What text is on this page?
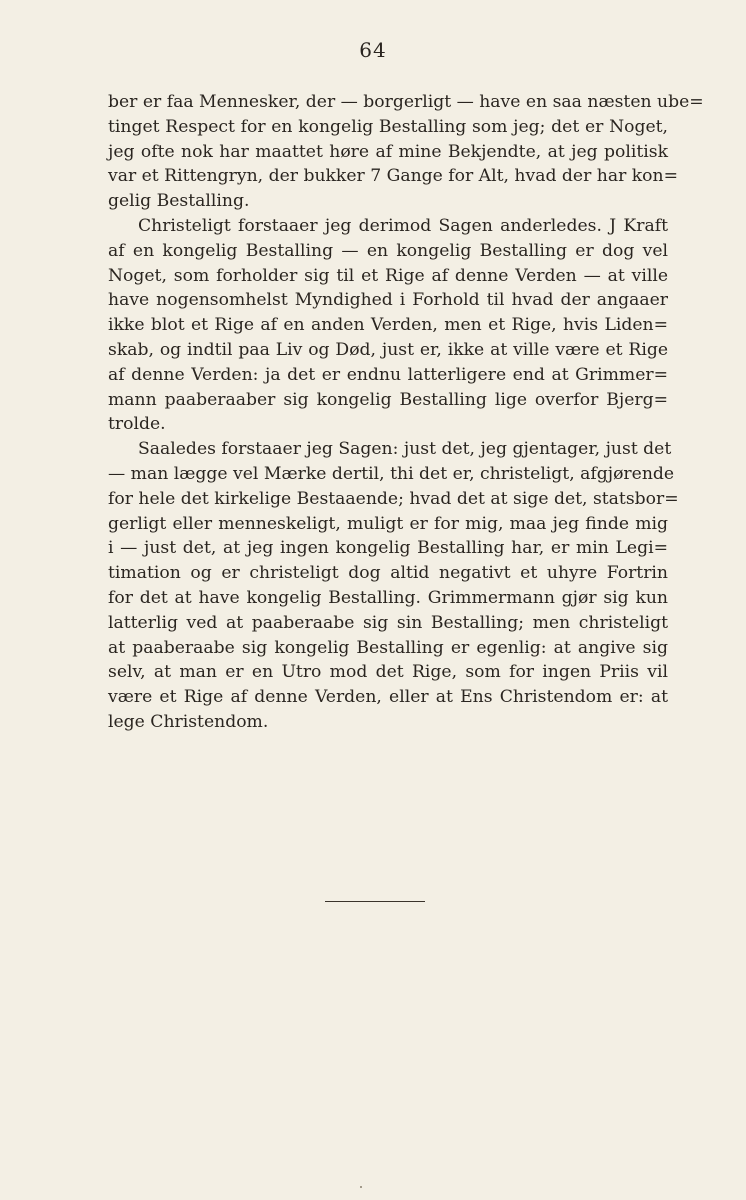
64
ber er faa Mennesker, der — borgerligt — have en saa næsten ube=
tinget Respect for en kongelig Bestalling som jeg; det er Noget,
jeg ofte nok har maattet høre af mine Bekjendte, at jeg politisk
var et Rittengryn, der bukker 7 Gange for Alt, hvad der har kon=
gelig Bestalling.
Christeligt forstaaer jeg derimod Sagen anderledes. J Kraft
af en kongelig Bestalling — en kongelig Bestalling er dog vel
Noget, som forholder sig til et Rige af denne Verden — at ville
have nogensomhelst Myndighed i Forhold til hvad der angaaer
ikke blot et Rige af en anden Verden, men et Rige, hvis Liden=
skab, og indtil paa Liv og Død, just er, ikke at ville være et Rige
af denne Verden: ja det er endnu latterligere end at Grimmer=
mann paaberaaber sig kongelig Bestalling lige overfor Bjerg=
trolde.
Saaledes forstaaer jeg Sagen: just det, jeg gjentager, just det
— man lægge vel Mærke dertil, thi det er, christeligt, afgjørende
for hele det kirkelige Bestaaende; hvad det at sige det, statsbor=
gerligt eller menneskeligt, muligt er for mig, maa jeg finde mig
i — just det, at jeg ingen kongelig Bestalling har, er min Legi=
timation og er christeligt dog altid negativt et uhyre Fortrin
for det at have kongelig Bestalling. Grimmermann gjør sig kun
latterlig ved at paaberaabe sig sin Bestalling; men christeligt
at paaberaabe sig kongelig Bestalling er egenlig: at angive sig
selv, at man er en Utro mod det Rige, som for ingen Priis vil
være et Rige af denne Verden, eller at Ens Christendom er: at
lege Christendom.
